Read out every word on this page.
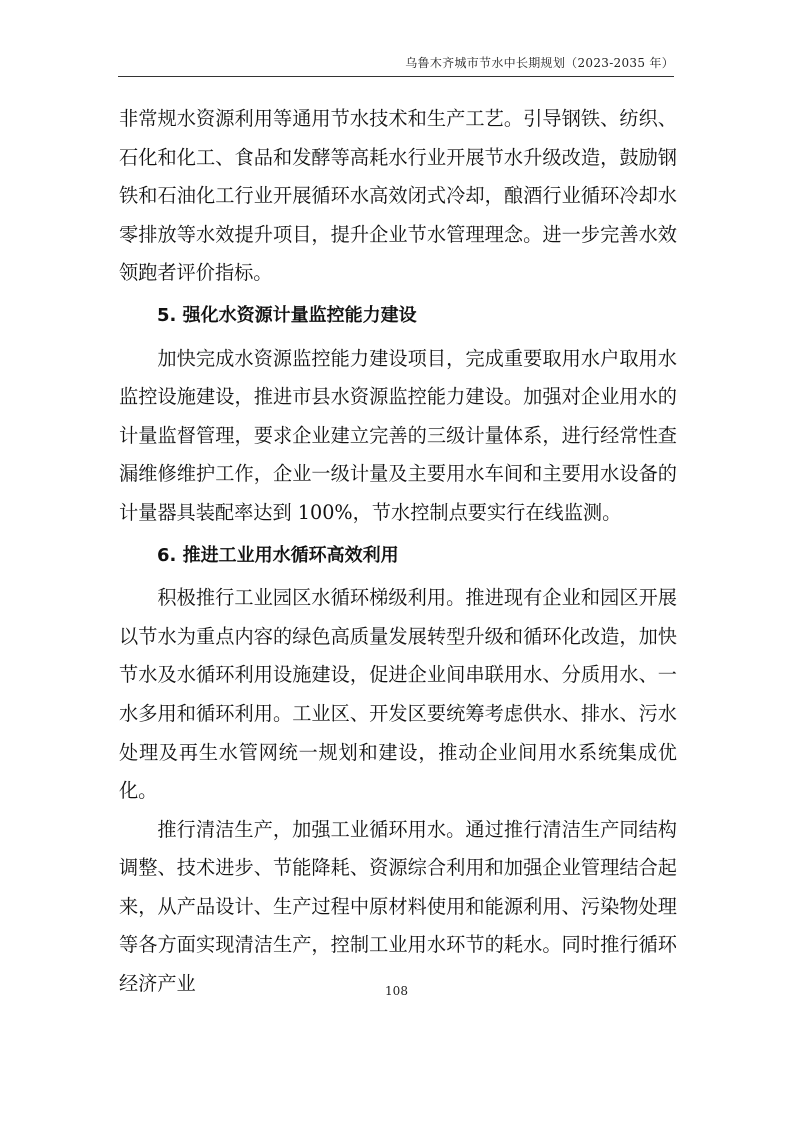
乌鲁木齐城市节水中长期规划（2023-2035 年）

非常规水资源利用等通用节水技术和生产工艺。引导钢铁、纺织、石化和化工、食品和发酵等高耗水行业开展节水升级改造，鼓励钢铁和石油化工行业开展循环水高效闭式冷却，酿酒行业循环冷却水零排放等水效提升项目，提升企业节水管理理念。进一步完善水效领跑者评价指标。

5. 强化水资源计量监控能力建设

加快完成水资源监控能力建设项目，完成重要取用水户取用水监控设施建设，推进市县水资源监控能力建设。加强对企业用水的计量监督管理，要求企业建立完善的三级计量体系，进行经常性查漏维修维护工作，企业一级计量及主要用水车间和主要用水设备的计量器具装配率达到 100%，节水控制点要实行在线监测。

6. 推进工业用水循环高效利用

积极推行工业园区水循环梯级利用。推进现有企业和园区开展以节水为重点内容的绿色高质量发展转型升级和循环化改造，加快节水及水循环利用设施建设，促进企业间串联用水、分质用水、一水多用和循环利用。工业区、开发区要统筹考虑供水、排水、污水处理及再生水管网统一规划和建设，推动企业间用水系统集成优化。

推行清洁生产，加强工业循环用水。通过推行清洁生产同结构调整、技术进步、节能降耗、资源综合利用和加强企业管理结合起来，从产品设计、生产过程中原材料使用和能源利用、污染物处理等各方面实现清洁生产，控制工业用水环节的耗水。同时推行循环经济产业	108
